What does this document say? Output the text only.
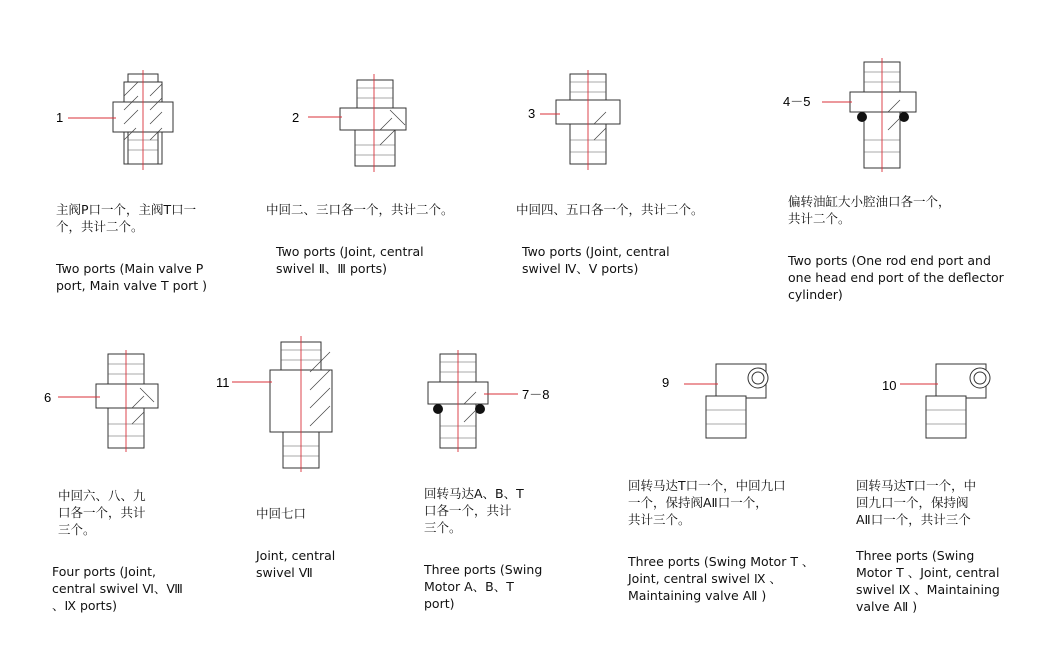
1	2	3
4－5
6
11
7－8
9	10

主阀P口一个，主阀T口一
个，共计二个。

Two ports (Main valve P
port, Main valve T port )

中回二、三口各一个，共计二个。

Two ports (Joint, central
swivel Ⅱ、Ⅲ ports)

中回四、五口各一个，共计二个。

Two ports (Joint, central
swivel Ⅳ、Ⅴ ports)

偏转油缸大小腔油口各一个，
共计二个。

Two ports (One rod end port and
one head end port of the deflector
cylinder)

中回六、八、九
口各一个，共计
三个。

Four ports (Joint,
central swivel Ⅵ、Ⅷ
、Ⅸ ports)

中回七口

Joint, central
swivel Ⅶ

回转马达A、B、T
口各一个，共计
三个。

Three ports (Swing
Motor A、B、T
port)

回转马达T口一个，中回九口
一个，保持阀AⅡ口一个，
共计三个。

Three ports (Swing Motor T 、
Joint, central swivel Ⅸ 、
Maintaining valve AⅡ )

回转马达T口一个，中
回九口一个，保持阀
AⅡ口一个，共计三个

Three ports (Swing
Motor T 、Joint, central
swivel Ⅸ 、Maintaining
valve AⅡ )
